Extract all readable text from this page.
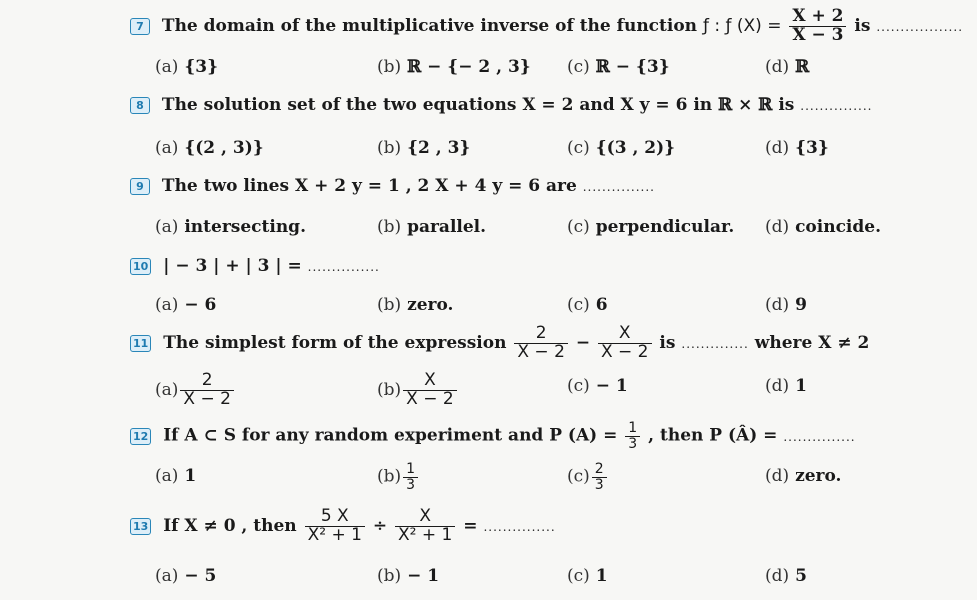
7 The domain of the multiplicative inverse of the function ƒ : ƒ $(X) = \frac{X + 2}{X - 3}$ is ..................
(a) {3}	(b) ℝ − {− 2 , 3} (c) ℝ − {3}	(d) ℝ
8 The solution set of the two equations X = 2 and X y = 6 in ℝ × ℝ is ...............
(a) {(2 , 3)}	(b) {2 , 3}	(c) {(3 , 2)}	(d) {3}
9 The two lines X + 2 y = 1 , 2 X + 4 y = 6 are ...............
(a) intersecting.	(b) parallel.	(c) perpendicular. (d) coincide.
10 | − 3 | + | 3 | = ...............
(a) − 6	(b) zero.	(c) 6	(d) 9
11 The simplest form of the expression $\frac{2}{X - 2} - \frac{X}{X - 2}$ is .............. where X ≠ 2
$(a) \frac{2}{X - 2}$	$(b) \frac{X}{X - 2}$	(c) − 1	(d) 1
12 If A ⊂ S for any random experiment and P $(A) = \frac{1}{3}$ , then P (Â) = ...............
(a) 1	$(b) \frac{1}{3}$	$(c) \frac{2}{3}$	(d) zero.
13 If X ≠ 0 , then $\frac{5 X}{\text{X² + 1}} \div \frac{X}{\text{X² + 1}}$ = ...............
(a) − 5	(b) − 1	(c) 1	(d) 5
